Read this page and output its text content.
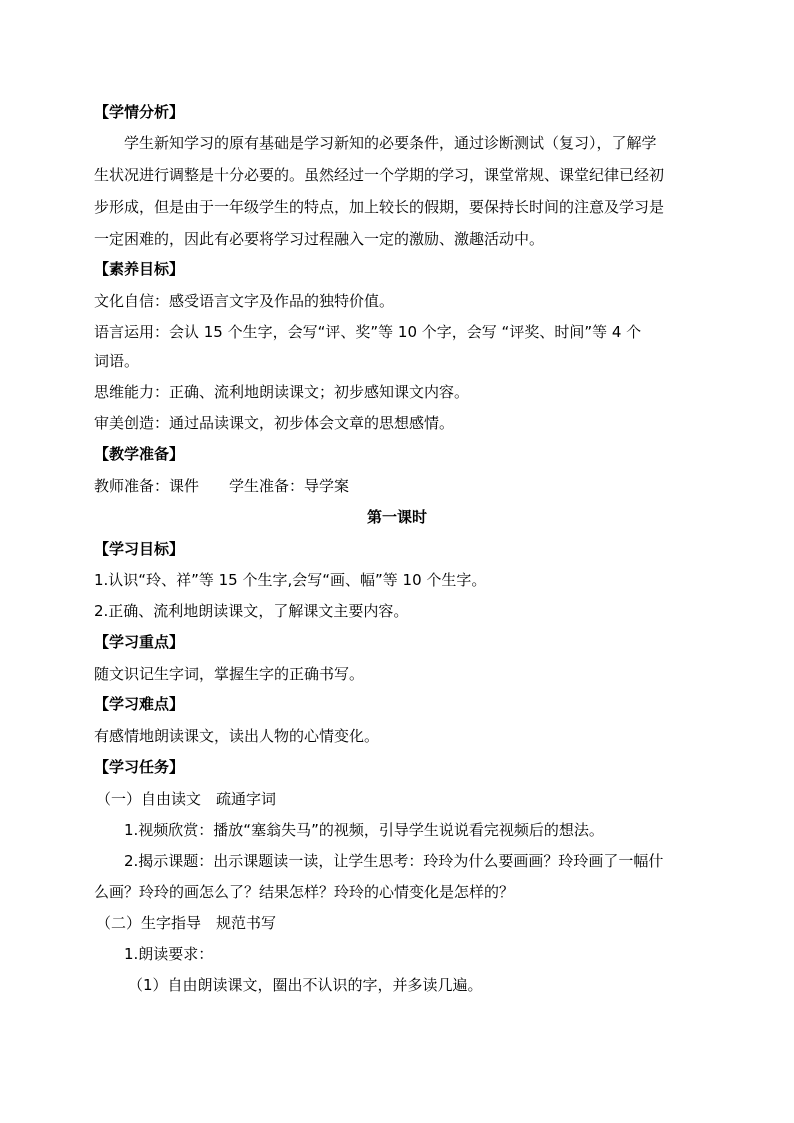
【学情分析】
学生新知学习的原有基础是学习新知的必要条件，通过诊断测试（复习），了解学
生状况进行调整是十分必要的。虽然经过一个学期的学习，课堂常规、课堂纪律已经初
步形成，但是由于一年级学生的特点，加上较长的假期，要保持长时间的注意及学习是
一定困难的，因此有必要将学习过程融入一定的激励、激趣活动中。
【素养目标】
文化自信：感受语言文字及作品的独特价值。
语言运用：会认 15 个生字，会写“评、奖”等 10 个字，会写 “评奖、时间”等 4 个
词语。
思维能力：正确、流利地朗读课文；初步感知课文内容。
审美创造：通过品读课文，初步体会文章的思想感情。
【教学准备】
教师准备：课件　　学生准备：导学案
第一课时
【学习目标】
1.认识“玲、祥”等 15 个生字,会写“画、幅”等 10 个生字。
2.正确、流利地朗读课文，了解课文主要内容。
【学习重点】
随文识记生字词，掌握生字的正确书写。
【学习难点】
有感情地朗读课文，读出人物的心情变化。
【学习任务】
（一）自由读文　疏通字词
1.视频欣赏：播放“塞翁失马”的视频，引导学生说说看完视频后的想法。
2.揭示课题：出示课题读一读，让学生思考：玲玲为什么要画画？玲玲画了一幅什
么画？玲玲的画怎么了？结果怎样？玲玲的心情变化是怎样的？
（二）生字指导　规范书写
1.朗读要求：
（1）自由朗读课文，圈出不认识的字，并多读几遍。
